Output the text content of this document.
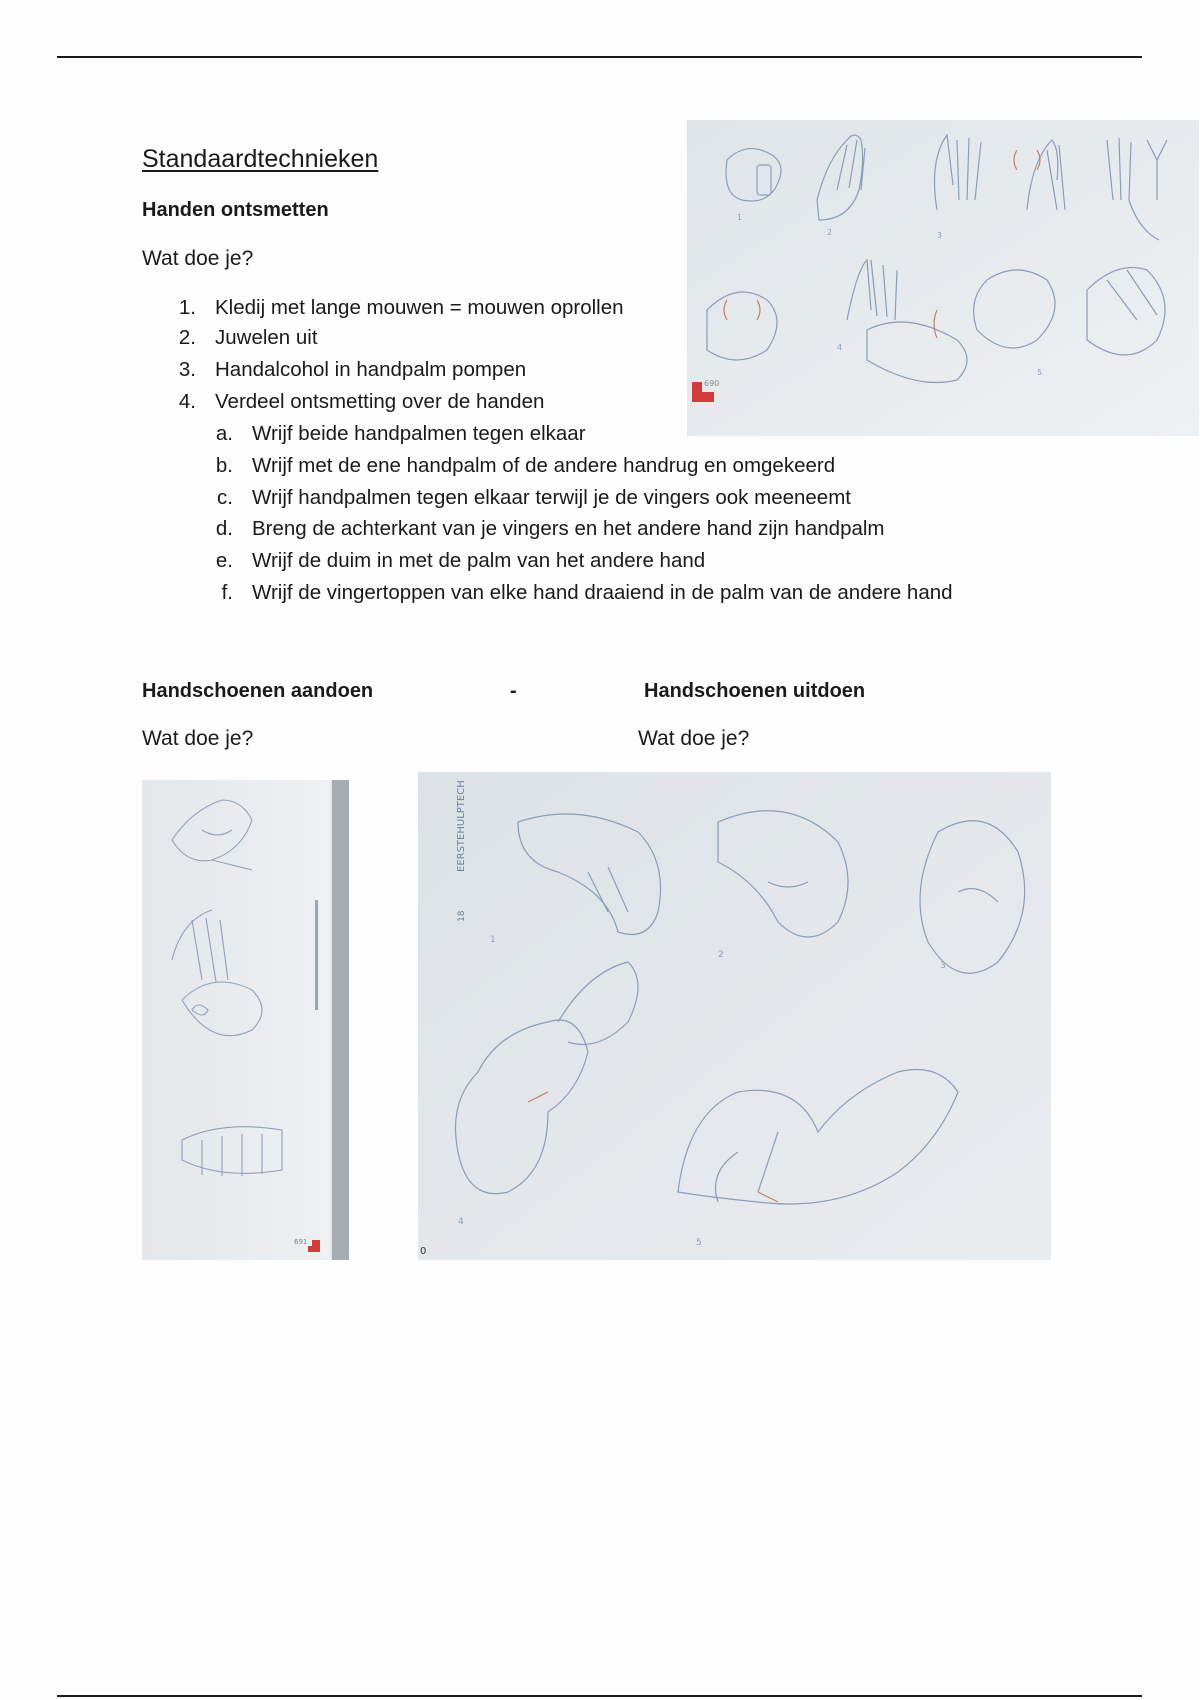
Standaardtechnieken
Handen ontsmetten
Wat doe je?
1. Kledij met lange mouwen = mouwen oprollen
2. Juwelen uit
3. Handalcohol in handpalm pompen
4. Verdeel ontsmetting over de handen
a. Wrijf beide handpalmen tegen elkaar
b. Wrijf met de ene handpalm of de andere handrug en omgekeerd
c. Wrijf handpalmen tegen elkaar terwijl je de vingers ook meeneemt
d. Breng de achterkant van je vingers en het andere hand zijn handpalm
e. Wrijf de duim in met de palm van het andere hand
f. Wrijf de vingertoppen van elke hand draaiend in de palm van de andere hand
1
2	3
4
5
690
Handschoenen aandoen	-	Handschoenen uitdoen
Wat doe je?	Wat doe je?
691
1
2
3
4
5
EERSTEHULPTECH
18
0
